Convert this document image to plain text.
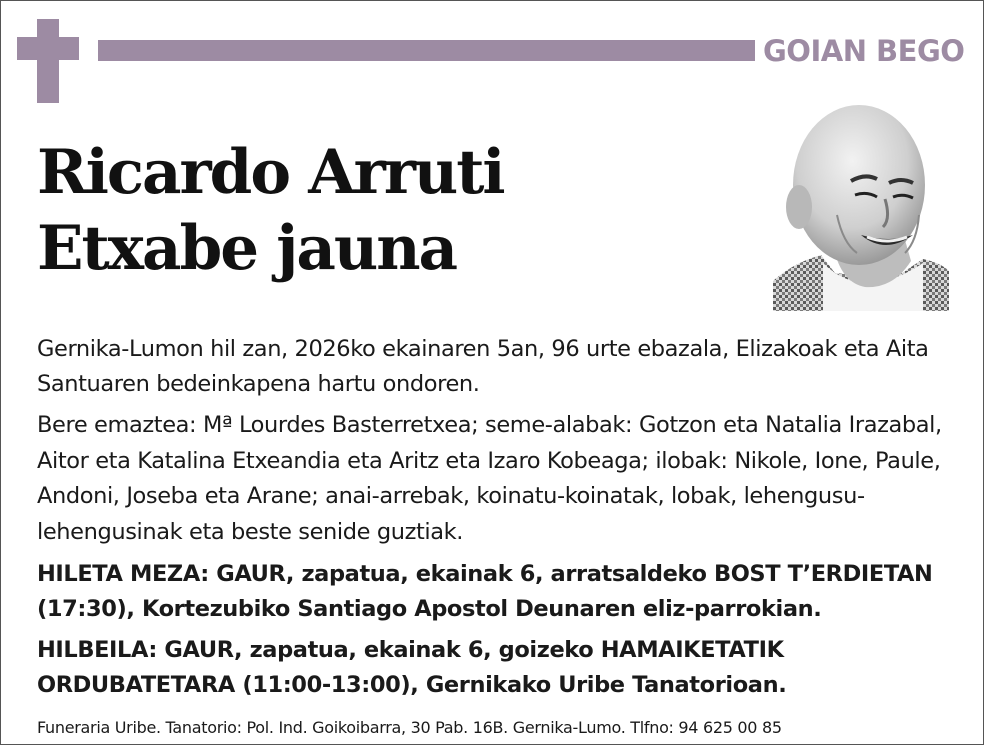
GOIAN BEGO
Ricardo Arruti
Etxabe jauna

Gernika-Lumon hil zan, 2026ko ekainaren 5an, 96 urte ebazala, Elizakoak eta Aita Santuaren bedeinkapena hartu ondoren.

Bere emaztea: Mª Lourdes Basterretxea; seme-alabak: Gotzon eta Natalia Irazabal, Aitor eta Katalina Etxeandia eta Aritz eta Izaro Kobeaga; ilobak: Nikole, Ione, Paule, Andoni, Joseba eta Arane; anai-arrebak, koinatu-koinatak, lobak, lehengusu-lehengusinak eta beste senide guztiak.

HILETA MEZA: GAUR, zapatua, ekainak 6, arratsaldeko BOST T’ERDIETAN (17:30), Kortezubiko Santiago Apostol Deunaren eliz-parrokian.

HILBEILA: GAUR, zapatua, ekainak 6, goizeko HAMAIKETATIK ORDUBATETARA (11:00-13:00), Gernikako Uribe Tanatorioan.

Funeraria Uribe. Tanatorio: Pol. Ind. Goikoibarra, 30 Pab. 16B. Gernika-Lumo. Tlfno: 94 625 00 85
